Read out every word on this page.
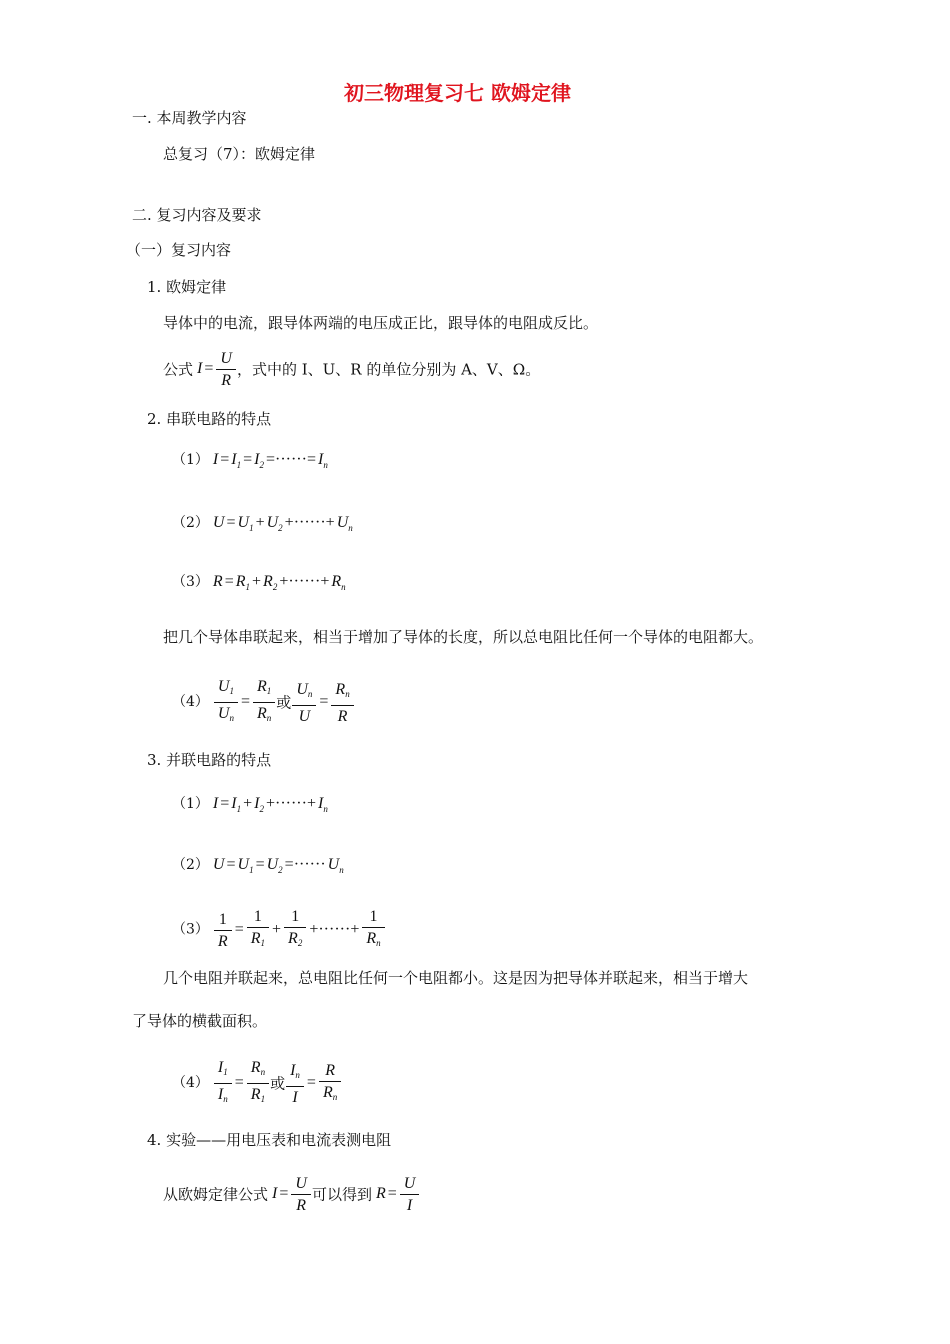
初三物理复习七 欧姆定律
一. 本周教学内容
总复习（7）：欧姆定律
二. 复习内容及要求
（一）复习内容
1. 欧姆定律
导体中的电流，跟导体两端的电压成正比，跟导体的电阻成反比。
公式 $I = \frac{U}{R}$ ，式中的 I、U、R 的单位分别为 A、V、Ω。
2. 串联电路的特点
（1） $I = I_1 = I_2$ =······= $I_n$
（2） $U = U_1 + U_2$ +······+ $U_n$
（3） $R = R_1 + R_2$ +······+ $R_n$
把几个导体串联起来，相当于增加了导体的长度，所以总电阻比任何一个导体的电阻都大。
$(4) \frac{U_1}{U_n} = \frac{R_1}{R_n}$ 或 $\frac{U_n}{U} = \frac{R_n}{R}$
3. 并联电路的特点
（1） $I = I_1 + I_2$ +······+ $I_n$
（2） $U = U_1 = U_2$ =······ $U_n$
$(3) \frac{1}{R} = \frac{1}{R_1} + \frac{1}{R_2}$ +······+ $\frac{1}{R_n}$
几个电阻并联起来，总电阻比任何一个电阻都小。这是因为把导体并联起来，相当于增大
了导体的横截面积。
$(4) \frac{I_1}{I_n} = \frac{R_n}{R_1}$ 或 $\frac{I_n}{I} = \frac{R}{R_n}$
4. 实验——用电压表和电流表测电阻
从欧姆定律公式 $I = \frac{U}{R}$ 可以得到 $R = \frac{U}{I}$
